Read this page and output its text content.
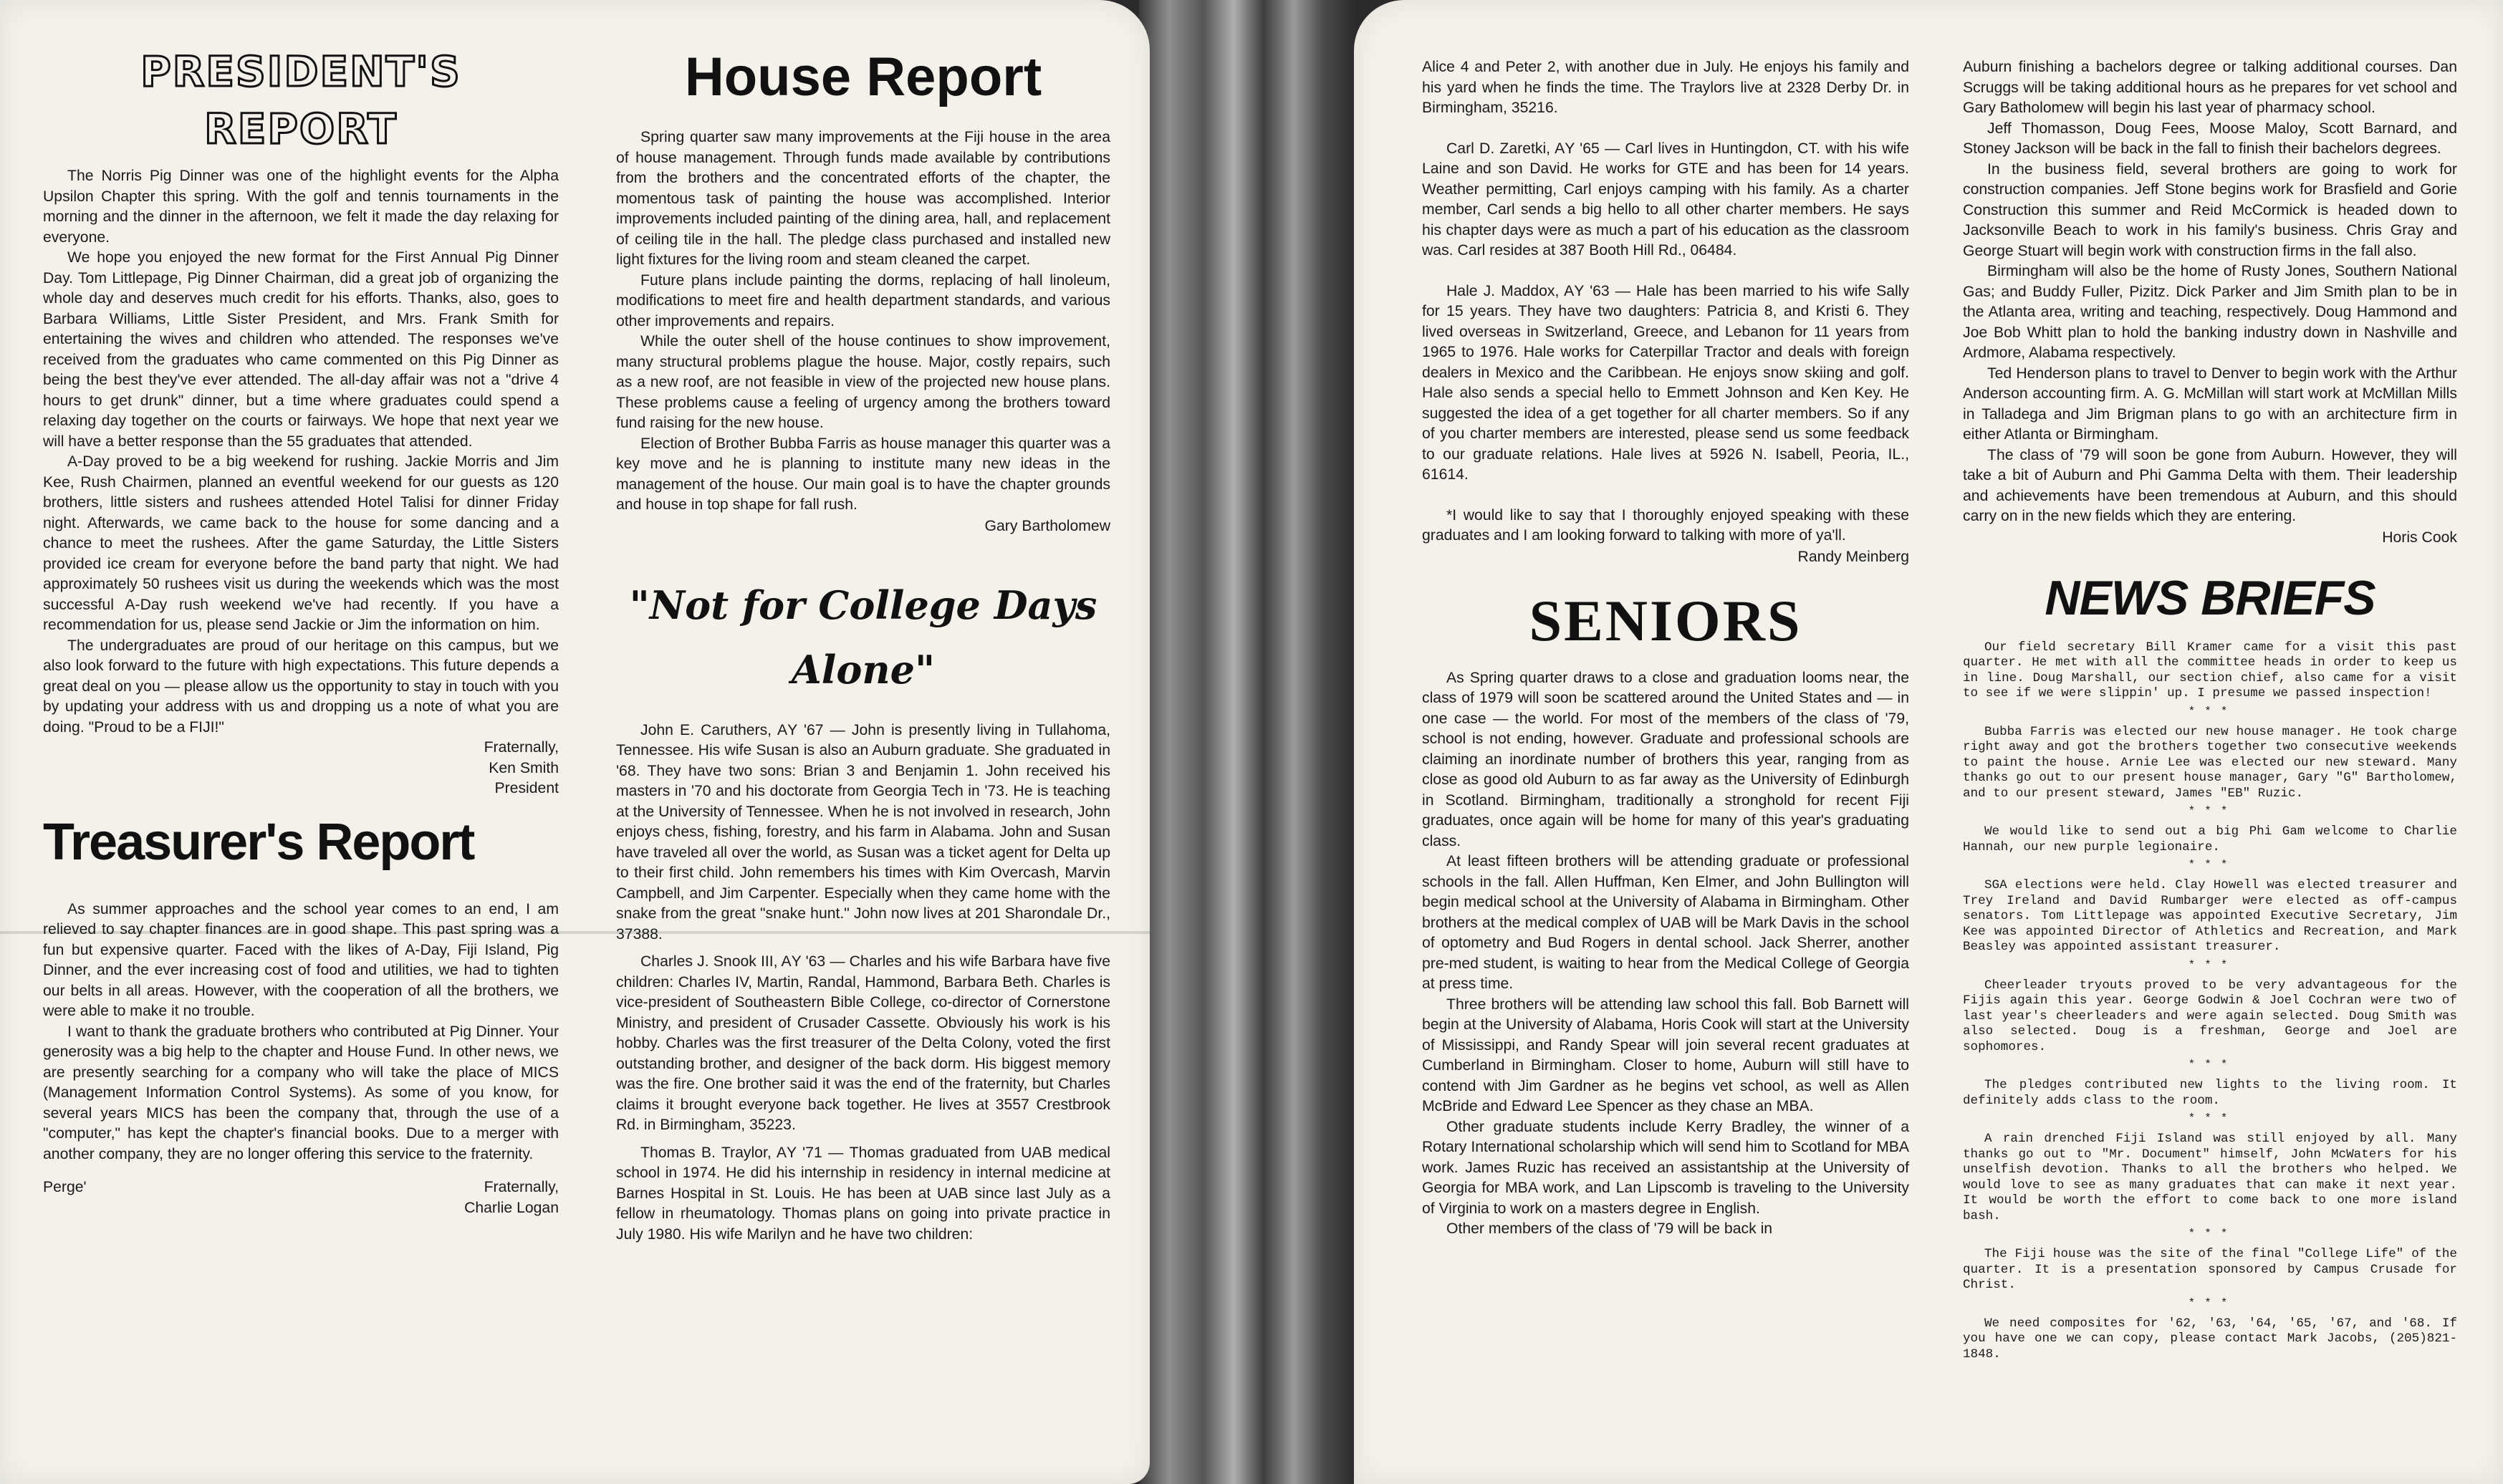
PRESIDENT'S REPORT

The Norris Pig Dinner was one of the highlight events for the Alpha Upsilon Chapter this spring. With the golf and tennis tournaments in the morning and the dinner in the afternoon, we felt it made the day relaxing for everyone.

We hope you enjoyed the new format for the First Annual Pig Dinner Day. Tom Littlepage, Pig Dinner Chairman, did a great job of organizing the whole day and deserves much credit for his efforts. Thanks, also, goes to Barbara Williams, Little Sister President, and Mrs. Frank Smith for entertaining the wives and children who attended. The responses we've received from the graduates who came commented on this Pig Dinner as being the best they've ever attended. The all-day affair was not a "drive 4 hours to get drunk" dinner, but a time where graduates could spend a relaxing day together on the courts or fairways. We hope that next year we will have a better response than the 55 graduates that attended.

A-Day proved to be a big weekend for rushing. Jackie Morris and Jim Kee, Rush Chairmen, planned an eventful weekend for our guests as 120 brothers, little sisters and rushees attended Hotel Talisi for dinner Friday night. Afterwards, we came back to the house for some dancing and a chance to meet the rushees. After the game Saturday, the Little Sisters provided ice cream for everyone before the band party that night. We had approximately 50 rushees visit us during the weekends which was the most successful A-Day rush weekend we've had recently. If you have a recommendation for us, please send Jackie or Jim the information on him.

The undergraduates are proud of our heritage on this campus, but we also look forward to the future with high expectations. This future depends a great deal on you — please allow us the opportunity to stay in touch with you by updating your address with us and dropping us a note of what you are doing. "Proud to be a FIJI!"

Fraternally,
Ken Smith
President
Treasurer's Report

As summer approaches and the school year comes to an end, I am relieved to say chapter finances are in good shape. This past spring was a fun but expensive quarter. Faced with the likes of A-Day, Fiji Island, Pig Dinner, and the ever increasing cost of food and utilities, we had to tighten our belts in all areas. However, with the cooperation of all the brothers, we were able to make it no trouble.

I want to thank the graduate brothers who contributed at Pig Dinner. Your generosity was a big help to the chapter and House Fund. In other news, we are presently searching for a company who will take the place of MICS (Management Information Control Systems). As some of you know, for several years MICS has been the company that, through the use of a "computer," has kept the chapter's financial books. Due to a merger with another company, they are no longer offering this service to the fraternity.

Perge'	Fraternally,
Charlie Logan
House Report

Spring quarter saw many improvements at the Fiji house in the area of house management. Through funds made available by contributions from the brothers and the concentrated efforts of the chapter, the momentous task of painting the house was accomplished. Interior improvements included painting of the dining area, hall, and replacement of ceiling tile in the hall. The pledge class purchased and installed new light fixtures for the living room and steam cleaned the carpet.

Future plans include painting the dorms, replacing of hall linoleum, modifications to meet fire and health department standards, and various other improvements and repairs.

While the outer shell of the house continues to show improvement, many structural problems plague the house. Major, costly repairs, such as a new roof, are not feasible in view of the projected new house plans. These problems cause a feeling of urgency among the brothers toward fund raising for the new house.

Election of Brother Bubba Farris as house manager this quarter was a key move and he is planning to institute many new ideas in the management of the house. Our main goal is to have the chapter grounds and house in top shape for fall rush.

Gary Bartholomew
"Not for College Days Alone"

John E. Caruthers, AΥ '67 — John is presently living in Tullahoma, Tennessee. His wife Susan is also an Auburn graduate. She graduated in '68. They have two sons: Brian 3 and Benjamin 1. John received his masters in '70 and his doctorate from Georgia Tech in '73. He is teaching at the University of Tennessee. When he is not involved in research, John enjoys chess, fishing, forestry, and his farm in Alabama. John and Susan have traveled all over the world, as Susan was a ticket agent for Delta up to their first child. John remembers his times with Kim Overcash, Marvin Campbell, and Jim Carpenter. Especially when they came home with the snake from the great "snake hunt." John now lives at 201 Sharondale Dr., 37388.

Charles J. Snook III, AΥ '63 — Charles and his wife Barbara have five children: Charles IV, Martin, Randal, Hammond, Barbara Beth. Charles is vice-president of Southeastern Bible College, co-director of Cornerstone Ministry, and president of Crusader Cassette. Obviously his work is his hobby. Charles was the first treasurer of the Delta Colony, voted the first outstanding brother, and designer of the back dorm. His biggest memory was the fire. One brother said it was the end of the fraternity, but Charles claims it brought everyone back together. He lives at 3557 Crestbrook Rd. in Birmingham, 35223.

Thomas B. Traylor, AΥ '71 — Thomas graduated from UAB medical school in 1974. He did his internship in residency in internal medicine at Barnes Hospital in St. Louis. He has been at UAB since last July as a fellow in rheumatology. Thomas plans on going into private practice in July 1980. His wife Marilyn and he have two children:

Alice 4 and Peter 2, with another due in July. He enjoys his family and his yard when he finds the time. The Traylors live at 2328 Derby Dr. in Birmingham, 35216.

Carl D. Zaretki, AΥ '65 — Carl lives in Huntingdon, CT. with his wife Laine and son David. He works for GTE and has been for 14 years. Weather permitting, Carl enjoys camping with his family. As a charter member, Carl sends a big hello to all other charter members. He says his chapter days were as much a part of his education as the classroom was. Carl resides at 387 Booth Hill Rd., 06484.

Hale J. Maddox, AΥ '63 — Hale has been married to his wife Sally for 15 years. They have two daughters: Patricia 8, and Kristi 6. They lived overseas in Switzerland, Greece, and Lebanon for 11 years from 1965 to 1976. Hale works for Caterpillar Tractor and deals with foreign dealers in Mexico and the Caribbean. He enjoys snow skiing and golf. Hale also sends a special hello to Emmett Johnson and Ken Key. He suggested the idea of a get together for all charter members. So if any of you charter members are interested, please send us some feedback to our graduate relations. Hale lives at 5926 N. Isabell, Peoria, IL., 61614.

*I would like to say that I thoroughly enjoyed speaking with these graduates and I am looking forward to talking with more of ya'll.

Randy Meinberg
SENIORS

As Spring quarter draws to a close and graduation looms near, the class of 1979 will soon be scattered around the United States and — in one case — the world. For most of the members of the class of '79, school is not ending, however. Graduate and professional schools are claiming an inordinate number of brothers this year, ranging from as close as good old Auburn to as far away as the University of Edinburgh in Scotland. Birmingham, traditionally a stronghold for recent Fiji graduates, once again will be home for many of this year's graduating class.

At least fifteen brothers will be attending graduate or professional schools in the fall. Allen Huffman, Ken Elmer, and John Bullington will begin medical school at the University of Alabama in Birmingham. Other brothers at the medical complex of UAB will be Mark Davis in the school of optometry and Bud Rogers in dental school. Jack Sherrer, another pre-med student, is waiting to hear from the Medical College of Georgia at press time.

Three brothers will be attending law school this fall. Bob Barnett will begin at the University of Alabama, Horis Cook will start at the University of Mississippi, and Randy Spear will join several recent graduates at Cumberland in Birmingham. Closer to home, Auburn will still have to contend with Jim Gardner as he begins vet school, as well as Allen McBride and Edward Lee Spencer as they chase an MBA.

Other graduate students include Kerry Bradley, the winner of a Rotary International scholarship which will send him to Scotland for MBA work. James Ruzic has received an assistantship at the University of Georgia for MBA work, and Lan Lipscomb is traveling to the University of Virginia to work on a masters degree in English.

Other members of the class of '79 will be back in

Auburn finishing a bachelors degree or talking additional courses. Dan Scruggs will be taking additional hours as he prepares for vet school and Gary Batholomew will begin his last year of pharmacy school.

Jeff Thomasson, Doug Fees, Moose Maloy, Scott Barnard, and Stoney Jackson will be back in the fall to finish their bachelors degrees.

In the business field, several brothers are going to work for construction companies. Jeff Stone begins work for Brasfield and Gorie Construction this summer and Reid McCormick is headed down to Jacksonville Beach to work in his family's business. Chris Gray and George Stuart will begin work with construction firms in the fall also.

Birmingham will also be the home of Rusty Jones, Southern National Gas; and Buddy Fuller, Pizitz. Dick Parker and Jim Smith plan to be in the Atlanta area, writing and teaching, respectively. Doug Hammond and Joe Bob Whitt plan to hold the banking industry down in Nashville and Ardmore, Alabama respectively.

Ted Henderson plans to travel to Denver to begin work with the Arthur Anderson accounting firm. A. G. McMillan will start work at McMillan Mills in Talladega and Jim Brigman plans to go with an architecture firm in either Atlanta or Birmingham.

The class of '79 will soon be gone from Auburn. However, they will take a bit of Auburn and Phi Gamma Delta with them. Their leadership and achievements have been tremendous at Auburn, and this should carry on in the new fields which they are entering.

Horis Cook
NEWS BRIEFS

Our field secretary Bill Kramer came for a visit this past quarter. He met with all the committee heads in order to keep us in line. Doug Marshall, our section chief, also came for a visit to see if we were slippin' up. I presume we passed inspection!

* * *

Bubba Farris was elected our new house manager. He took charge right away and got the brothers together two consecutive weekends to paint the house. Arnie Lee was elected our new steward. Many thanks go out to our present house manager, Gary "G" Bartholomew, and to our present steward, James "EB" Ruzic.

* * *

We would like to send out a big Phi Gam welcome to Charlie Hannah, our new purple legionaire.

* * *

SGA elections were held. Clay Howell was elected treasurer and Trey Ireland and David Rumbarger were elected as off-campus senators. Tom Littlepage was appointed Executive Secretary, Jim Kee was appointed Director of Athletics and Recreation, and Mark Beasley was appointed assistant treasurer.

* * *

Cheerleader tryouts proved to be very advantageous for the Fijis again this year. George Godwin & Joel Cochran were two of last year's cheerleaders and were again selected. Doug Smith was also selected. Doug is a freshman, George and Joel are sophomores.

* * *

The pledges contributed new lights to the living room. It definitely adds class to the room.

* * *

A rain drenched Fiji Island was still enjoyed by all. Many thanks go out to "Mr. Document" himself, John McWaters for his unselfish devotion. Thanks to all the brothers who helped. We would love to see as many graduates that can make it next year. It would be worth the effort to come back to one more island bash.

* * *

The Fiji house was the site of the final "College Life" of the quarter. It is a presentation sponsored by Campus Crusade for Christ.

* * *

We need composites for '62, '63, '64, '65, '67, and '68. If you have one we can copy, please contact Mark Jacobs, (205)821-1848.
